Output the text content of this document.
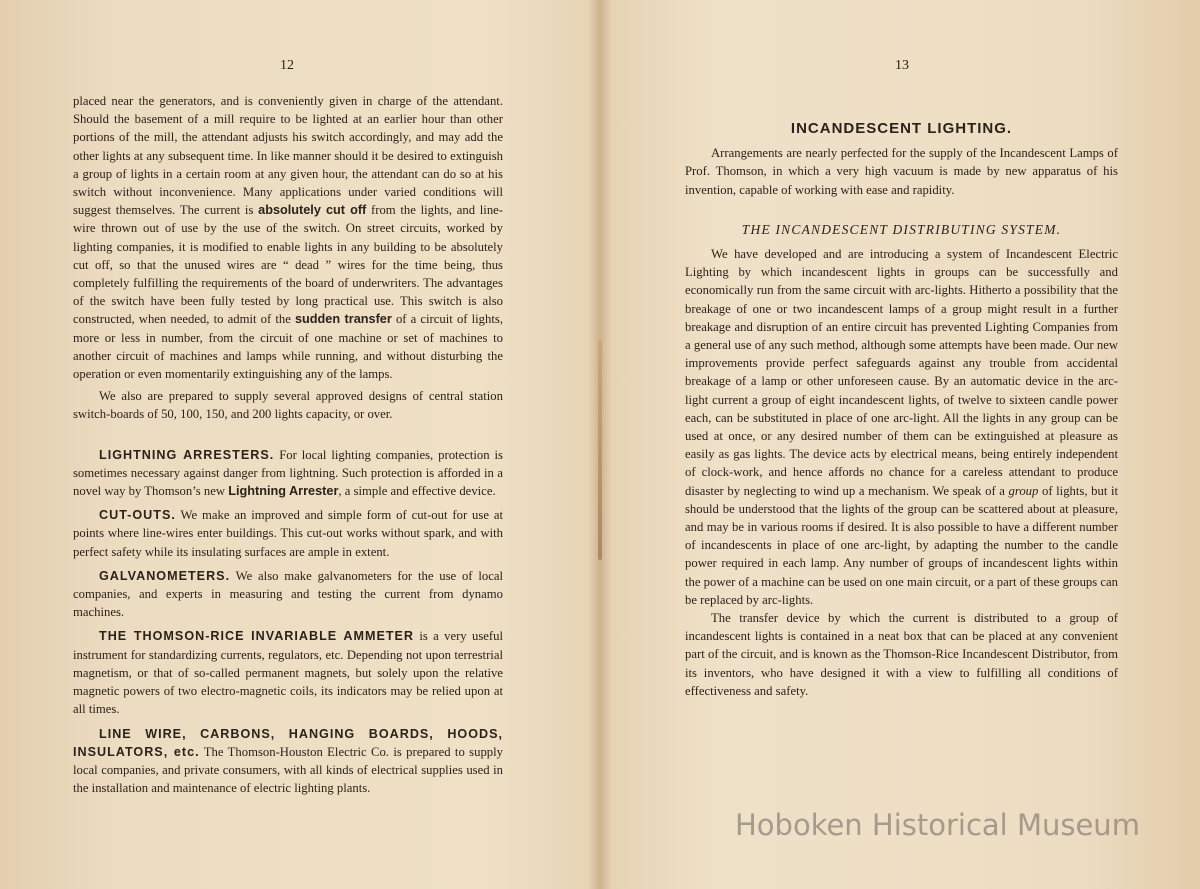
12

placed near the generators, and is conveniently given in charge of the attendant. Should the basement of a mill require to be lighted at an earlier hour than other portions of the mill, the attendant adjusts his switch accordingly, and may add the other lights at any subsequent time. In like manner should it be desired to extinguish a group of lights in a certain room at any given hour, the attendant can do so at his switch without inconvenience. Many applications under varied conditions will suggest themselves. The current is absolutely cut off from the lights, and line-wire thrown out of use by the use of the switch. On street circuits, worked by lighting companies, it is modified to enable lights in any building to be absolutely cut off, so that the unused wires are “ dead ” wires for the time being, thus completely fulfilling the requirements of the board of underwriters. The advantages of the switch have been fully tested by long practical use. This switch is also constructed, when needed, to admit of the sudden transfer of a circuit of lights, more or less in number, from the circuit of one machine or set of machines to another circuit of machines and lamps while running, and without disturbing the operation or even momentarily extinguishing any of the lamps.

We also are prepared to supply several approved designs of central station switch-boards of 50, 100, 150, and 200 lights capacity, or over.

LIGHTNING ARRESTERS. For local lighting companies, protection is sometimes necessary against danger from lightning. Such protection is afforded in a novel way by Thomson’s new Lightning Arrester, a simple and effective device.

CUT-OUTS. We make an improved and simple form of cut-out for use at points where line-wires enter buildings. This cut-out works without spark, and with perfect safety while its insulating surfaces are ample in extent.

GALVANOMETERS. We also make galvanometers for the use of local companies, and experts in measuring and testing the current from dynamo machines.

THE THOMSON-RICE INVARIABLE AMMETER is a very useful instrument for standardizing currents, regulators, etc. Depending not upon terrestrial magnetism, or that of so-called permanent magnets, but solely upon the relative magnetic powers of two electro-magnetic coils, its indicators may be relied upon at all times.

LINE WIRE, CARBONS, HANGING BOARDS, HOODS, INSULATORS, etc. The Thomson-Houston Electric Co. is prepared to supply local companies, and private consumers, with all kinds of electrical supplies used in the installation and maintenance of electric lighting plants.

13
INCANDESCENT LIGHTING.

Arrangements are nearly perfected for the supply of the Incandescent Lamps of Prof. Thomson, in which a very high vacuum is made by new apparatus of his invention, capable of working with ease and rapidity.

THE INCANDESCENT DISTRIBUTING SYSTEM.

We have developed and are introducing a system of Incandescent Electric Lighting by which incandescent lights in groups can be successfully and economically run from the same circuit with arc-lights. Hitherto a possibility that the breakage of one or two incandescent lamps of a group might result in a further breakage and disruption of an entire circuit has prevented Lighting Companies from a general use of any such method, although some attempts have been made. Our new improvements provide perfect safeguards against any trouble from accidental breakage of a lamp or other unforeseen cause. By an automatic device in the arc-light current a group of eight incandescent lights, of twelve to sixteen candle power each, can be substituted in place of one arc-light. All the lights in any group can be used at once, or any desired number of them can be extinguished at pleasure as easily as gas lights. The device acts by electrical means, being entirely independent of clock-work, and hence affords no chance for a careless attendant to produce disaster by neglecting to wind up a mechanism. We speak of a group of lights, but it should be understood that the lights of the group can be scattered about at pleasure, and may be in various rooms if desired. It is also possible to have a different number of incandescents in place of one arc-light, by adapting the number to the candle power required in each lamp. Any number of groups of incandescent lights within the power of a machine can be used on one main circuit, or a part of these groups can be replaced by arc-lights.

The transfer device by which the current is distributed to a group of incandescent lights is contained in a neat box that can be placed at any convenient part of the circuit, and is known as the Thomson-Rice Incandescent Distributor, from its inventors, who have designed it with a view to fulfilling all conditions of effectiveness and safety.

Hoboken Historical Museum
